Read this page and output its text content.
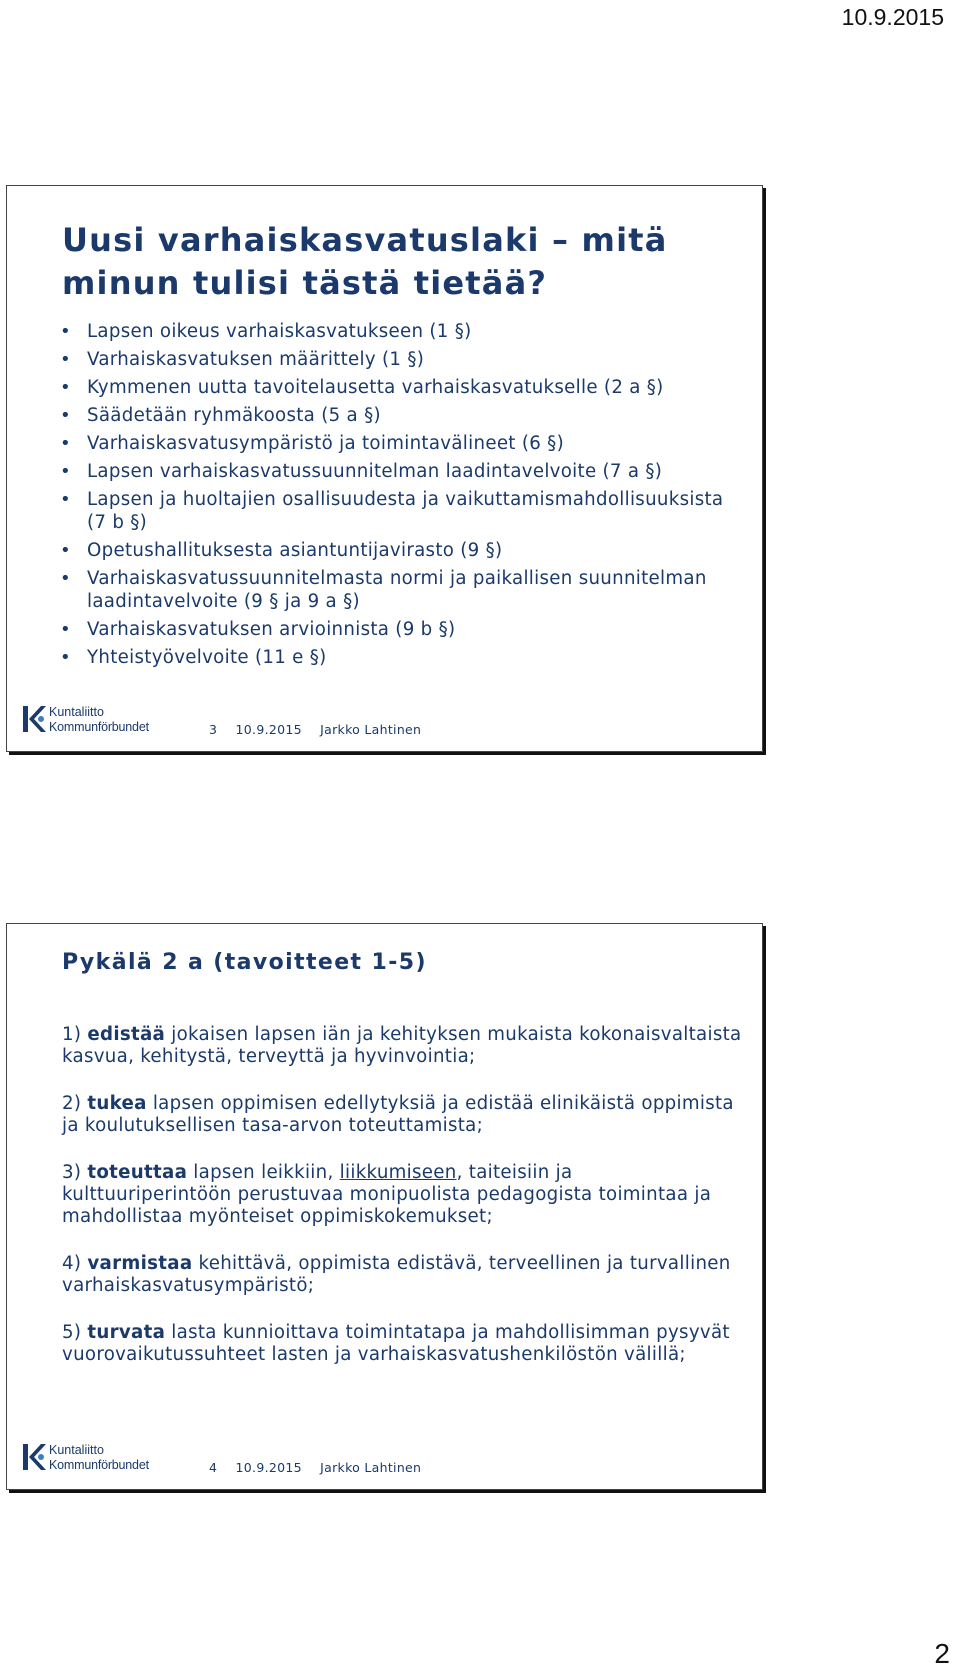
10.9.2015
Uusi varhaiskasvatuslaki – mitä minun tulisi tästä tietää?
• Lapsen oikeus varhaiskasvatukseen (1 §)
• Varhaiskasvatuksen määrittely (1 §)
• Kymmenen uutta tavoitelausetta varhaiskasvatukselle (2 a §)
• Säädetään ryhmäkoosta (5 a §)
• Varhaiskasvatusympäristö ja toimintavälineet (6 §)
• Lapsen varhaiskasvatussuunnitelman laadintavelvoite (7 a §)
• Lapsen ja huoltajien osallisuudesta ja vaikuttamismahdollisuuksista (7 b §)
• Opetushallituksesta asiantuntijavirasto (9 §)
• Varhaiskasvatussuunnitelmasta normi ja paikallisen suunnitelman laadintavelvoite (9 § ja 9 a §)
• Varhaiskasvatuksen arvioinnista (9 b §)
• Yhteistyövelvoite (11 e §)
Kuntaliitto
Kommunförbundet	3 10.9.2015 Jarkko Lahtinen
Pykälä 2 a (tavoitteet 1-5)

1) edistää jokaisen lapsen iän ja kehityksen mukaista kokonaisvaltaista kasvua, kehitystä, terveyttä ja hyvinvointia;

2) tukea lapsen oppimisen edellytyksiä ja edistää elinikäistä oppimista ja koulutuksellisen tasa-arvon toteuttamista;

3) toteuttaa lapsen leikkiin, liikkumiseen, taiteisiin ja kulttuuriperintöön perustuvaa monipuolista pedagogista toimintaa ja mahdollistaa myönteiset oppimiskokemukset;

4) varmistaa kehittävä, oppimista edistävä, terveellinen ja turvallinen varhaiskasvatusympäristö;

5) turvata lasta kunnioittava toimintatapa ja mahdollisimman pysyvät vuorovaikutussuhteet lasten ja varhaiskasvatushenkilöstön välillä;

Kuntaliitto
Kommunförbundet	4 10.9.2015 Jarkko Lahtinen
2
